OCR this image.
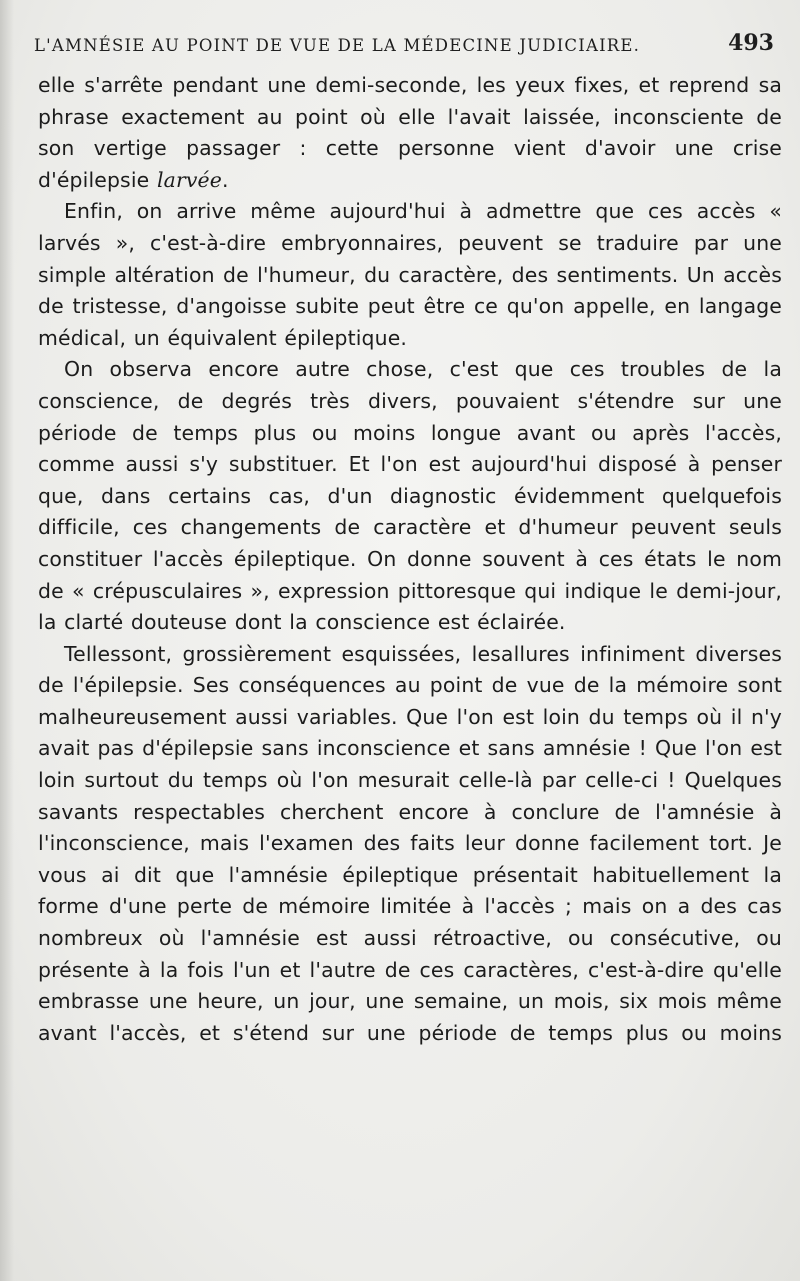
L'AMNÉSIE AU POINT DE VUE DE LA MÉDECINE JUDICIAIRE.	493

elle s'arrête pendant une demi-seconde, les yeux fixes, et reprend sa phrase exactement au point où elle l'avait laissée, inconsciente de son vertige passager : cette personne vient d'avoir une crise d'épilepsie larvée.

Enfin, on arrive même aujourd'hui à admettre que ces accès « larvés », c'est-à-dire embryonnaires, peuvent se traduire par une simple altération de l'humeur, du caractère, des sentiments. Un accès de tristesse, d'angoisse subite peut être ce qu'on appelle, en langage médical, un équivalent épileptique.

On observa encore autre chose, c'est que ces troubles de la conscience, de degrés très divers, pouvaient s'étendre sur une période de temps plus ou moins longue avant ou après l'accès, comme aussi s'y substituer. Et l'on est aujourd'hui disposé à penser que, dans certains cas, d'un diagnostic évidemment quelquefois difficile, ces changements de caractère et d'humeur peuvent seuls constituer l'accès épileptique. On donne souvent à ces états le nom de « crépusculaires », expression pittoresque qui indique le demi-jour, la clarté douteuse dont la conscience est éclairée.

Tellessont, grossièrement esquissées, lesallures infiniment diverses de l'épilepsie. Ses conséquences au point de vue de la mémoire sont malheureusement aussi variables. Que l'on est loin du temps où il n'y avait pas d'épilepsie sans inconscience et sans amnésie ! Que l'on est loin surtout du temps où l'on mesurait celle-là par celle-ci ! Quelques savants respectables cherchent encore à conclure de l'amnésie à l'inconscience, mais l'examen des faits leur donne facilement tort. Je vous ai dit que l'amnésie épileptique présentait habituellement la forme d'une perte de mémoire limitée à l'accès ; mais on a des cas nombreux où l'amnésie est aussi rétroactive, ou consécutive, ou présente à la fois l'un et l'autre de ces caractères, c'est-à-dire qu'elle embrasse une heure, un jour, une semaine, un mois, six mois même avant l'accès, et s'étend sur une période de temps plus ou moins
